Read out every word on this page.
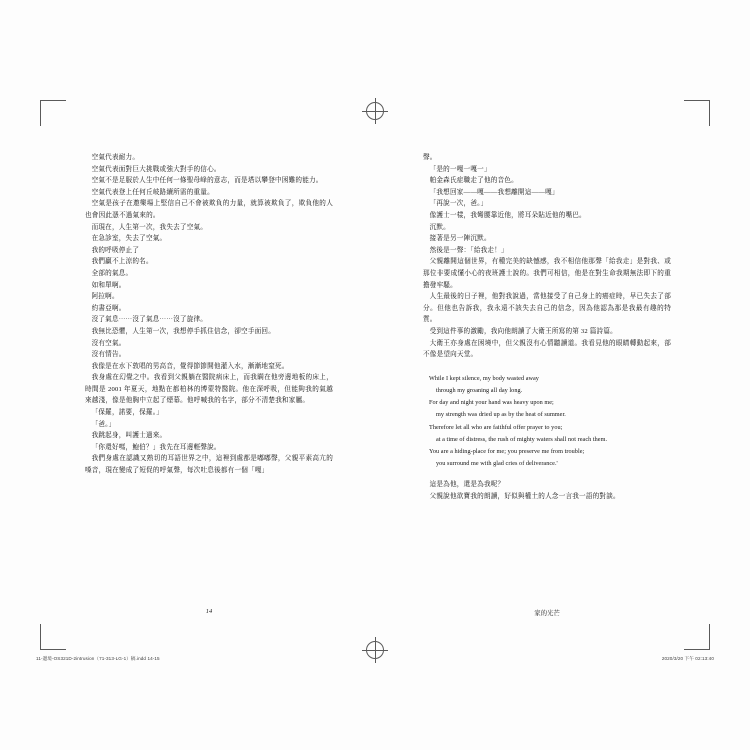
空氣代表耐力。

空氣代表面對巨大挑戰或強大對手的信心。

空氣不是足服於人生中任何一條聖母峰的意志，而是塔以攀登中困難的能力。

空氣代表登上任何丘岐路續所需的重量。

空氣是孩子在邀樂場上堅信自己不會被欺負的力量，就算被欺負了，欺負他的人也會因此憑不過氣來的。

而現在，人生第一次，我失去了空氣。

在急診室，失去了空氣。

我的呼吸停止了

我們贏不上涼的名。

全部的氣息。

如和單啊。

阿拉啊。

約書亞啊。

沒了氣息⋯⋯沒了氣息⋯⋯沒了旋律。

我無比恐懼，人生第一次，我想停手抓住信念，卻空手面回。

沒有空氣。

沒有情告。

我像是在水下敦唱的男高音，覺得節節開他灌入水，漸漸地窒死。

我身處在幻覺之中。我看到父親躺在醫院病床上，而我瞒在他旁邊地板的床上，時間是 2001 年夏天，地點在都柏林的博蒙特醫院。他在深呼吸，但能夠我的氣越來越淺，像是他胸中立起了煙幕。他呼喊我的名字，部分不清楚我和家屬。

「保羅，諾要，保羅。」

「爸。」

我跳起身，叫護士過來。

「你還好嗎，鮑伯？」我先在耳邊輕聲說。

我們身處在認識又熟切的耳語世界之中，這裡到處都是嘟嘟聲，父親平素高亢的嗓音，現在變成了短促的呼氣聲，每次吐息後都有一個「嘎」

聲。

「是的一嘎一嘎一」

帕金森氏症職走了他的音色。

「我想回家――嘎――我想離開這――嘎」

「再說一次，爸。」

像護士一樣，我彎腰靠近他，將耳朵貼近他的嘴巴。

沉默。

接著是另一陣沉默。

然後是一聲：「給我走！」

父親離開這個世界，有種完美的缺憾感，我不相信他那聲「給我走」是對我、或那位非要成懂小心的夜班護士說的。我們可相信，他是在對生命我期無法即下的重擔發牢騷。

人生最後的日子裡，他對我說過，當他接受了自己身上的癌症時，早已失去了部分。但他也告訴我，我永遠不該失去自己的信念，因為他認為那是我最有趣的特質。

受到這件事的激勵，我向他朗讀了大衛王所寫的第 32 篇詩篇。

大衛王亦身處在困境中，但父親沒有心情聽讀道。我看見他的眼睛轉動起來，部不像是望向天堂。

While I kept silence, my body wasted away

through my groaning all day long.

For day and night your hand was heavy upon me;

my strength was dried up as by the heat of summer.

Therefore let all who are faithful offer prayer to you;

at a time of distress, the rush of mighty waters shall not reach them.

You are a hiding-place for me; you preserve me from trouble;

you surround me with glad cries of deliverance.'

這是為他，還是為我呢？

父親說他欲寶我的朗讀，好似與權土的人念一言我一語的對談。

14	家的光芒
11-邊境-OS321D-2intrusion（71-313-LG-1）稿.indd 14-15	2020/3/20 下午 02:13:40
